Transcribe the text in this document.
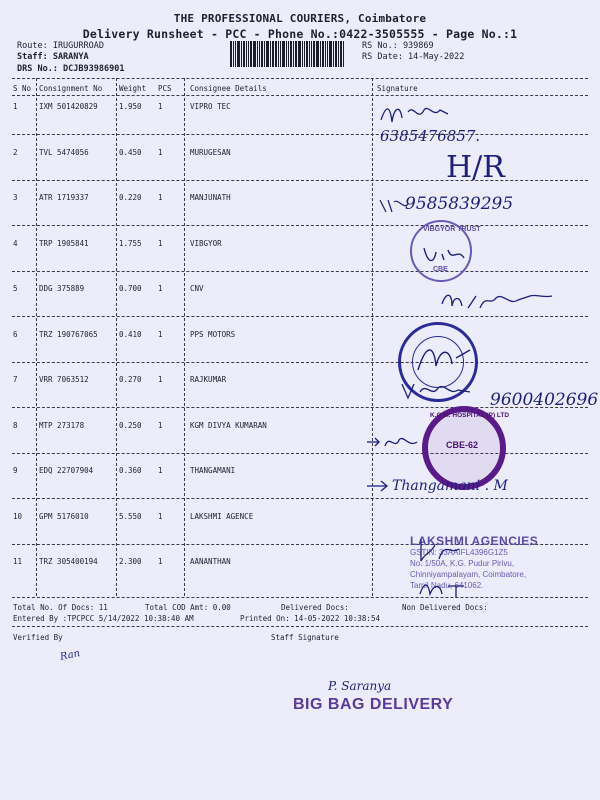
THE PROFESSIONAL COURIERS, Coimbatore
Delivery Runsheet - PCC - Phone No.:0422-3505555 - Page No.:1
Route: IRUGURROAD
Staff: SARANYA
DRS No.: DCJB93986901
RS No.: 939869
RS Date: 14-May-2022
S No Consignment No Weight PCS Consignee Details	Signature
1	IXM 501420829	1.950 1	VIPRO TEC
2	TVL 5474056	0.450 1	MURUGESAN
3	ATR 1719337	0.220 1	MANJUNATH
4	TRP 1905841	1.755 1	VIBGYOR
5	DDG 375889	0.700 1	CNV
6	TRZ 190767065	0.410 1	PPS MOTORS
7	VRR 7063512	0.270 1	RAJKUMAR
8	MTP 273178	0.250 1	KGM DIVYA KUMARAN
9	EDQ 22707904	0.360 1	THANGAMANI
10 GPM 5176010	5.550 1	LAKSHMI AGENCE
11 TRZ 305400194	2.300 1	AANANTHAN
6385476857.
H/R
9585839295
VIBGYOR TRUST
CBE
9600402696
K.G.M. HOSPITAL (P) LTD
CBE-62
Thangamani . M
LAKSHMI AGENCIES
GSTIN: 33AAIFL4396G1Z5
No. 1/50A, K.G. Pudur Pirivu,
Chinniyampalayam, Coimbatore,
Tamil Nadu, 641062.
Total No. Of Docs: 11	Total COD Amt: 0.00	Delivered Docs:	Non Delivered Docs:
Entered By :TPCPCC 5/14/2022 10:38:40 AM	Printed On: 14-05-2022 10:38:54
Verified By	Staff Signature
Ran
P. Saranya
BIG BAG DELIVERY
